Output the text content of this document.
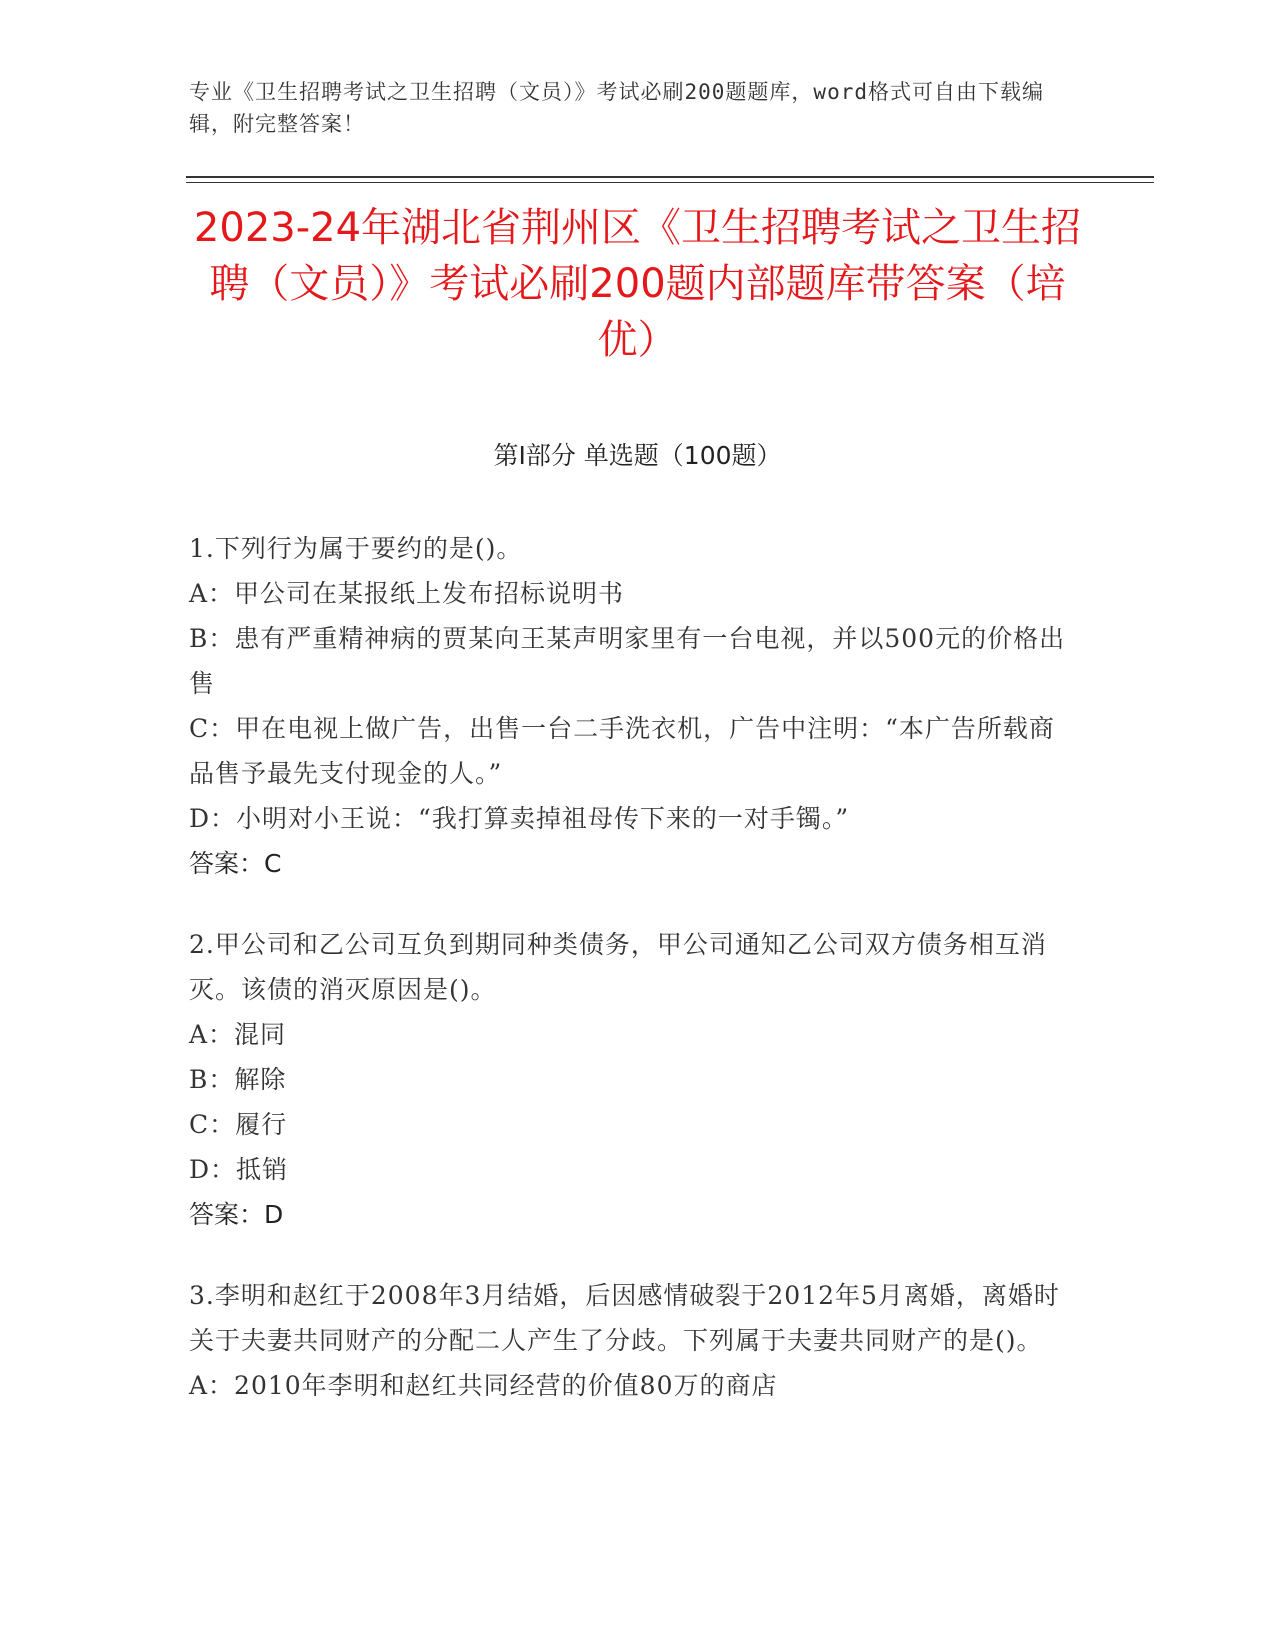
专业《卫生招聘考试之卫生招聘（文员）》考试必刷200题题库，word格式可自由下载编辑，附完整答案！
2023-24年湖北省荆州区《卫生招聘考试之卫生招聘（文员）》考试必刷200题内部题库带答案（培优）
第Ⅰ部分 单选题（100题）
1.下列行为属于要约的是()。
A：甲公司在某报纸上发布招标说明书
B：患有严重精神病的贾某向王某声明家里有一台电视，并以500元的价格出售
C：甲在电视上做广告，出售一台二手洗衣机，广告中注明：“本广告所载商品售予最先支付现金的人。”
D：小明对小王说：“我打算卖掉祖母传下来的一对手镯。”
答案：C
2.甲公司和乙公司互负到期同种类债务，甲公司通知乙公司双方债务相互消灭。该债的消灭原因是()。
A：混同
B：解除
C：履行
D：抵销
答案：D
3.李明和赵红于2008年3月结婚，后因感情破裂于2012年5月离婚，离婚时关于夫妻共同财产的分配二人产生了分歧。下列属于夫妻共同财产的是()。
A：2010年李明和赵红共同经营的价值80万的商店
